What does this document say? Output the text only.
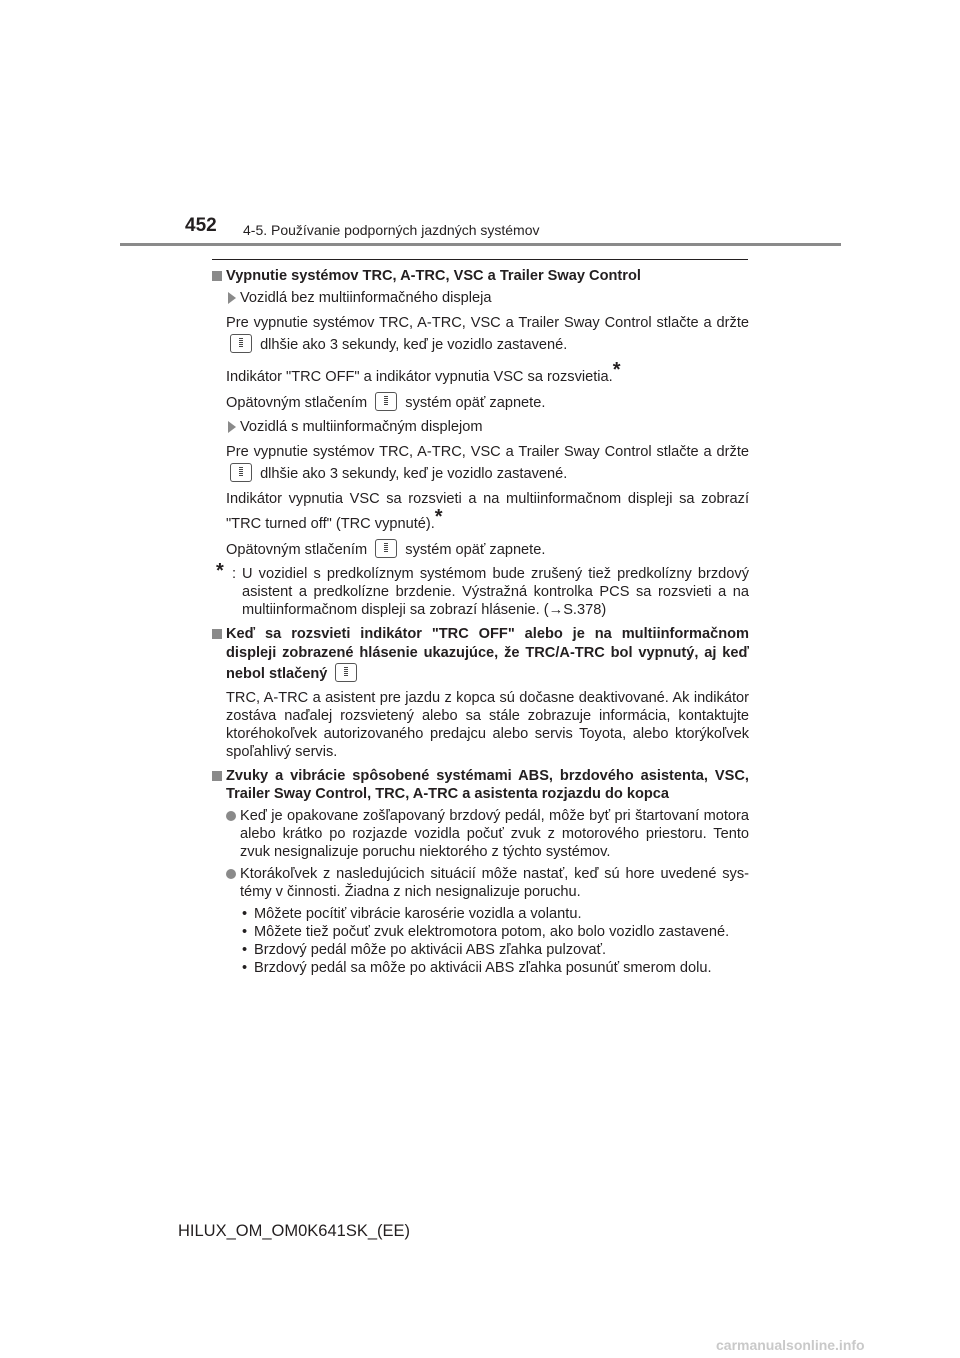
452 4-5. Používanie podporných jazdných systémov
Vypnutie systémov TRC, A-TRC, VSC a Trailer Sway Control
Vozidlá bez multiinformačného displeja
Pre vypnutie systémov TRC, A-TRC, VSC a Trailer Sway Control stlačte a držte  dlhšie ako 3 sekundy, keď je vozidlo zastavené.
Indikátor "TRC OFF" a indikátor vypnutia VSC sa rozsvietia.*
Opätovným stlačením	systém opäť zapnete.
Vozidlá s multiinformačným displejom
Pre vypnutie systémov TRC, A-TRC, VSC a Trailer Sway Control stlačte a držte  dlhšie ako 3 sekundy, keď je vozidlo zastavené.
Indikátor vypnutia VSC sa rozsvieti a na multiinformačnom displeji sa zobrazí "TRC turned off" (TRC vypnuté).*
Opätovným stlačením	systém opäť zapnete.
* : U vozidiel s predkolíznym systémom bude zrušený tiež predkolízny brzdový asistent a predkolízne brzdenie. Výstražná kontrolka PCS sa rozsvieti a na multiinformačnom displeji sa zobrazí hlásenie. (→S.378)
Keď sa rozsvieti indikátor "TRC OFF" alebo je na multiinformačnom displeji zobrazené hlásenie ukazujúce, že TRC/A-TRC bol vypnutý, aj keď nebol stlačený
TRC, A-TRC a asistent pre jazdu z kopca sú dočasne deaktivované. Ak indikátor zostáva naďalej rozsvietený alebo sa stále zobrazuje informácia, kontaktujte ktoréhokoľvek autorizovaného predajcu alebo servis Toyota, alebo ktorýkoľvek spoľahlivý servis.
Zvuky a vibrácie spôsobené systémami ABS, brzdového asistenta, VSC, Trailer Sway Control, TRC, A-TRC a asistenta rozjazdu do kopca
Keď je opakovane zošľapovaný brzdový pedál, môže byť pri štartovaní motora alebo krátko po rozjazde vozidla počuť zvuk z motorového priestoru. Tento zvuk nesignalizuje poruchu niektorého z týchto systémov.
Ktorákoľvek z nasledujúcich situácií môže nastať, keď sú hore uvedené systémy v činnosti. Žiadna z nich nesignalizuje poruchu.
• Môžete pocítiť vibrácie karosérie vozidla a volantu.
• Môžete tiež počuť zvuk elektromotora potom, ako bolo vozidlo zastavené.
• Brzdový pedál môže po aktivácii ABS zľahka pulzovať.
• Brzdový pedál sa môže po aktivácii ABS zľahka posunúť smerom dolu.
HILUX_OM_OM0K641SK_(EE)
carmanualsonline.info
